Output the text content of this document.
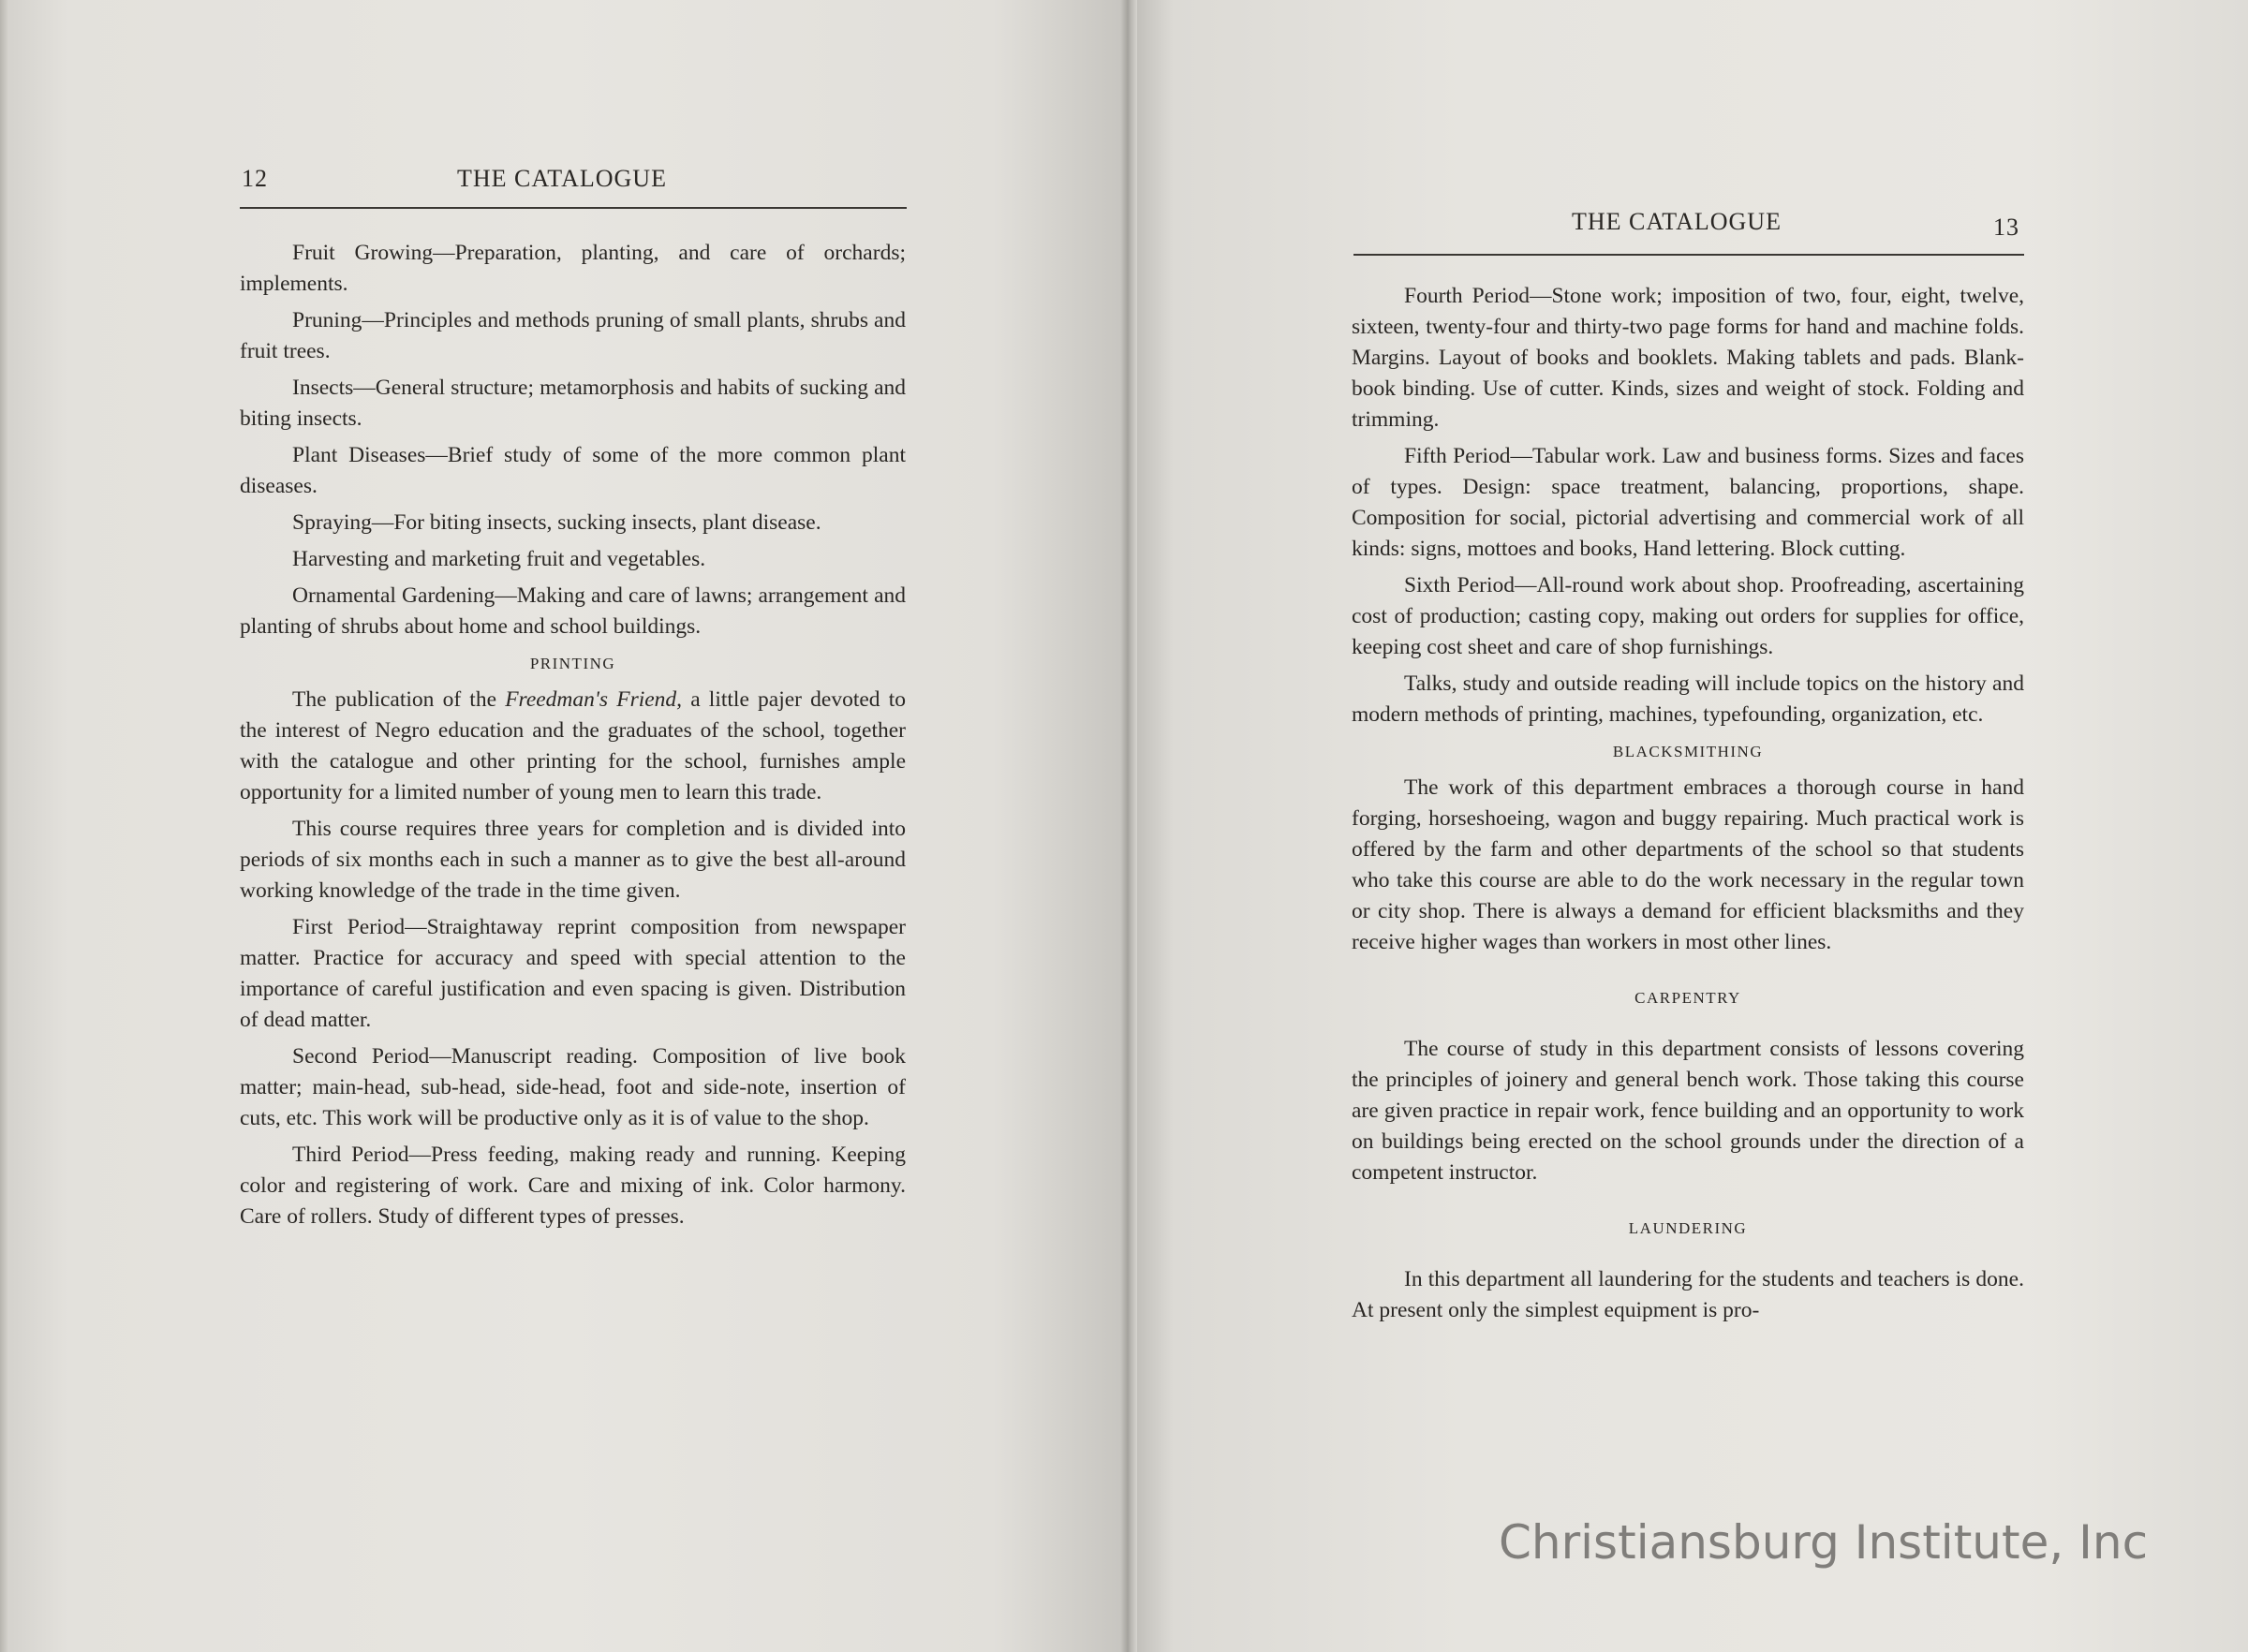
12	THE CATALOGUE

Fruit Growing—Preparation, planting, and care of orchards; implements.

Pruning—Principles and methods pruning of small plants, shrubs and fruit trees.

Insects—General structure; metamorphosis and habits of sucking and biting insects.

Plant Diseases—Brief study of some of the more common plant diseases.

Spraying—For biting insects, sucking insects, plant disease.

Harvesting and marketing fruit and vegetables.

Ornamental Gardening—Making and care of lawns; arrangement and planting of shrubs about home and school buildings.

PRINTING

The publication of the Freedman's Friend, a little pajer devoted to the interest of Negro education and the graduates of the school, together with the catalogue and other printing for the school, furnishes ample opportunity for a limited number of young men to learn this trade.

This course requires three years for completion and is divided into periods of six months each in such a manner as to give the best all-around working knowledge of the trade in the time given.

First Period—Straightaway reprint composition from newspaper matter. Practice for accuracy and speed with special attention to the importance of careful justification and even spacing is given. Distribution of dead matter.

Second Period—Manuscript reading. Composition of live book matter; main-head, sub-head, side-head, foot and side-note, insertion of cuts, etc. This work will be productive only as it is of value to the shop.

Third Period—Press feeding, making ready and running. Keeping color and registering of work. Care and mixing of ink. Color harmony. Care of rollers. Study of different types of presses.

THE CATALOGUE	13

Fourth Period—Stone work; imposition of two, four, eight, twelve, sixteen, twenty-four and thirty-two page forms for hand and machine folds. Margins. Layout of books and booklets. Making tablets and pads. Blank-book binding. Use of cutter. Kinds, sizes and weight of stock. Folding and trimming.

Fifth Period—Tabular work. Law and business forms. Sizes and faces of types. Design: space treatment, balancing, proportions, shape. Composition for social, pictorial advertising and commercial work of all kinds: signs, mottoes and books, Hand lettering. Block cutting.

Sixth Period—All-round work about shop. Proofreading, ascertaining cost of production; casting copy, making out orders for supplies for office, keeping cost sheet and care of shop furnishings.

Talks, study and outside reading will include topics on the history and modern methods of printing, machines, typefounding, organization, etc.

BLACKSMITHING

The work of this department embraces a thorough course in hand forging, horseshoeing, wagon and buggy repairing. Much practical work is offered by the farm and other departments of the school so that students who take this course are able to do the work necessary in the regular town or city shop. There is always a demand for efficient blacksmiths and they receive higher wages than workers in most other lines.

CARPENTRY

The course of study in this department consists of lessons covering the principles of joinery and general bench work. Those taking this course are given practice in repair work, fence building and an opportunity to work on buildings being erected on the school grounds under the direction of a competent instructor.

LAUNDERING

In this department all laundering for the students and teachers is done. At present only the simplest equipment is pro-

Christiansburg Institute, Inc
